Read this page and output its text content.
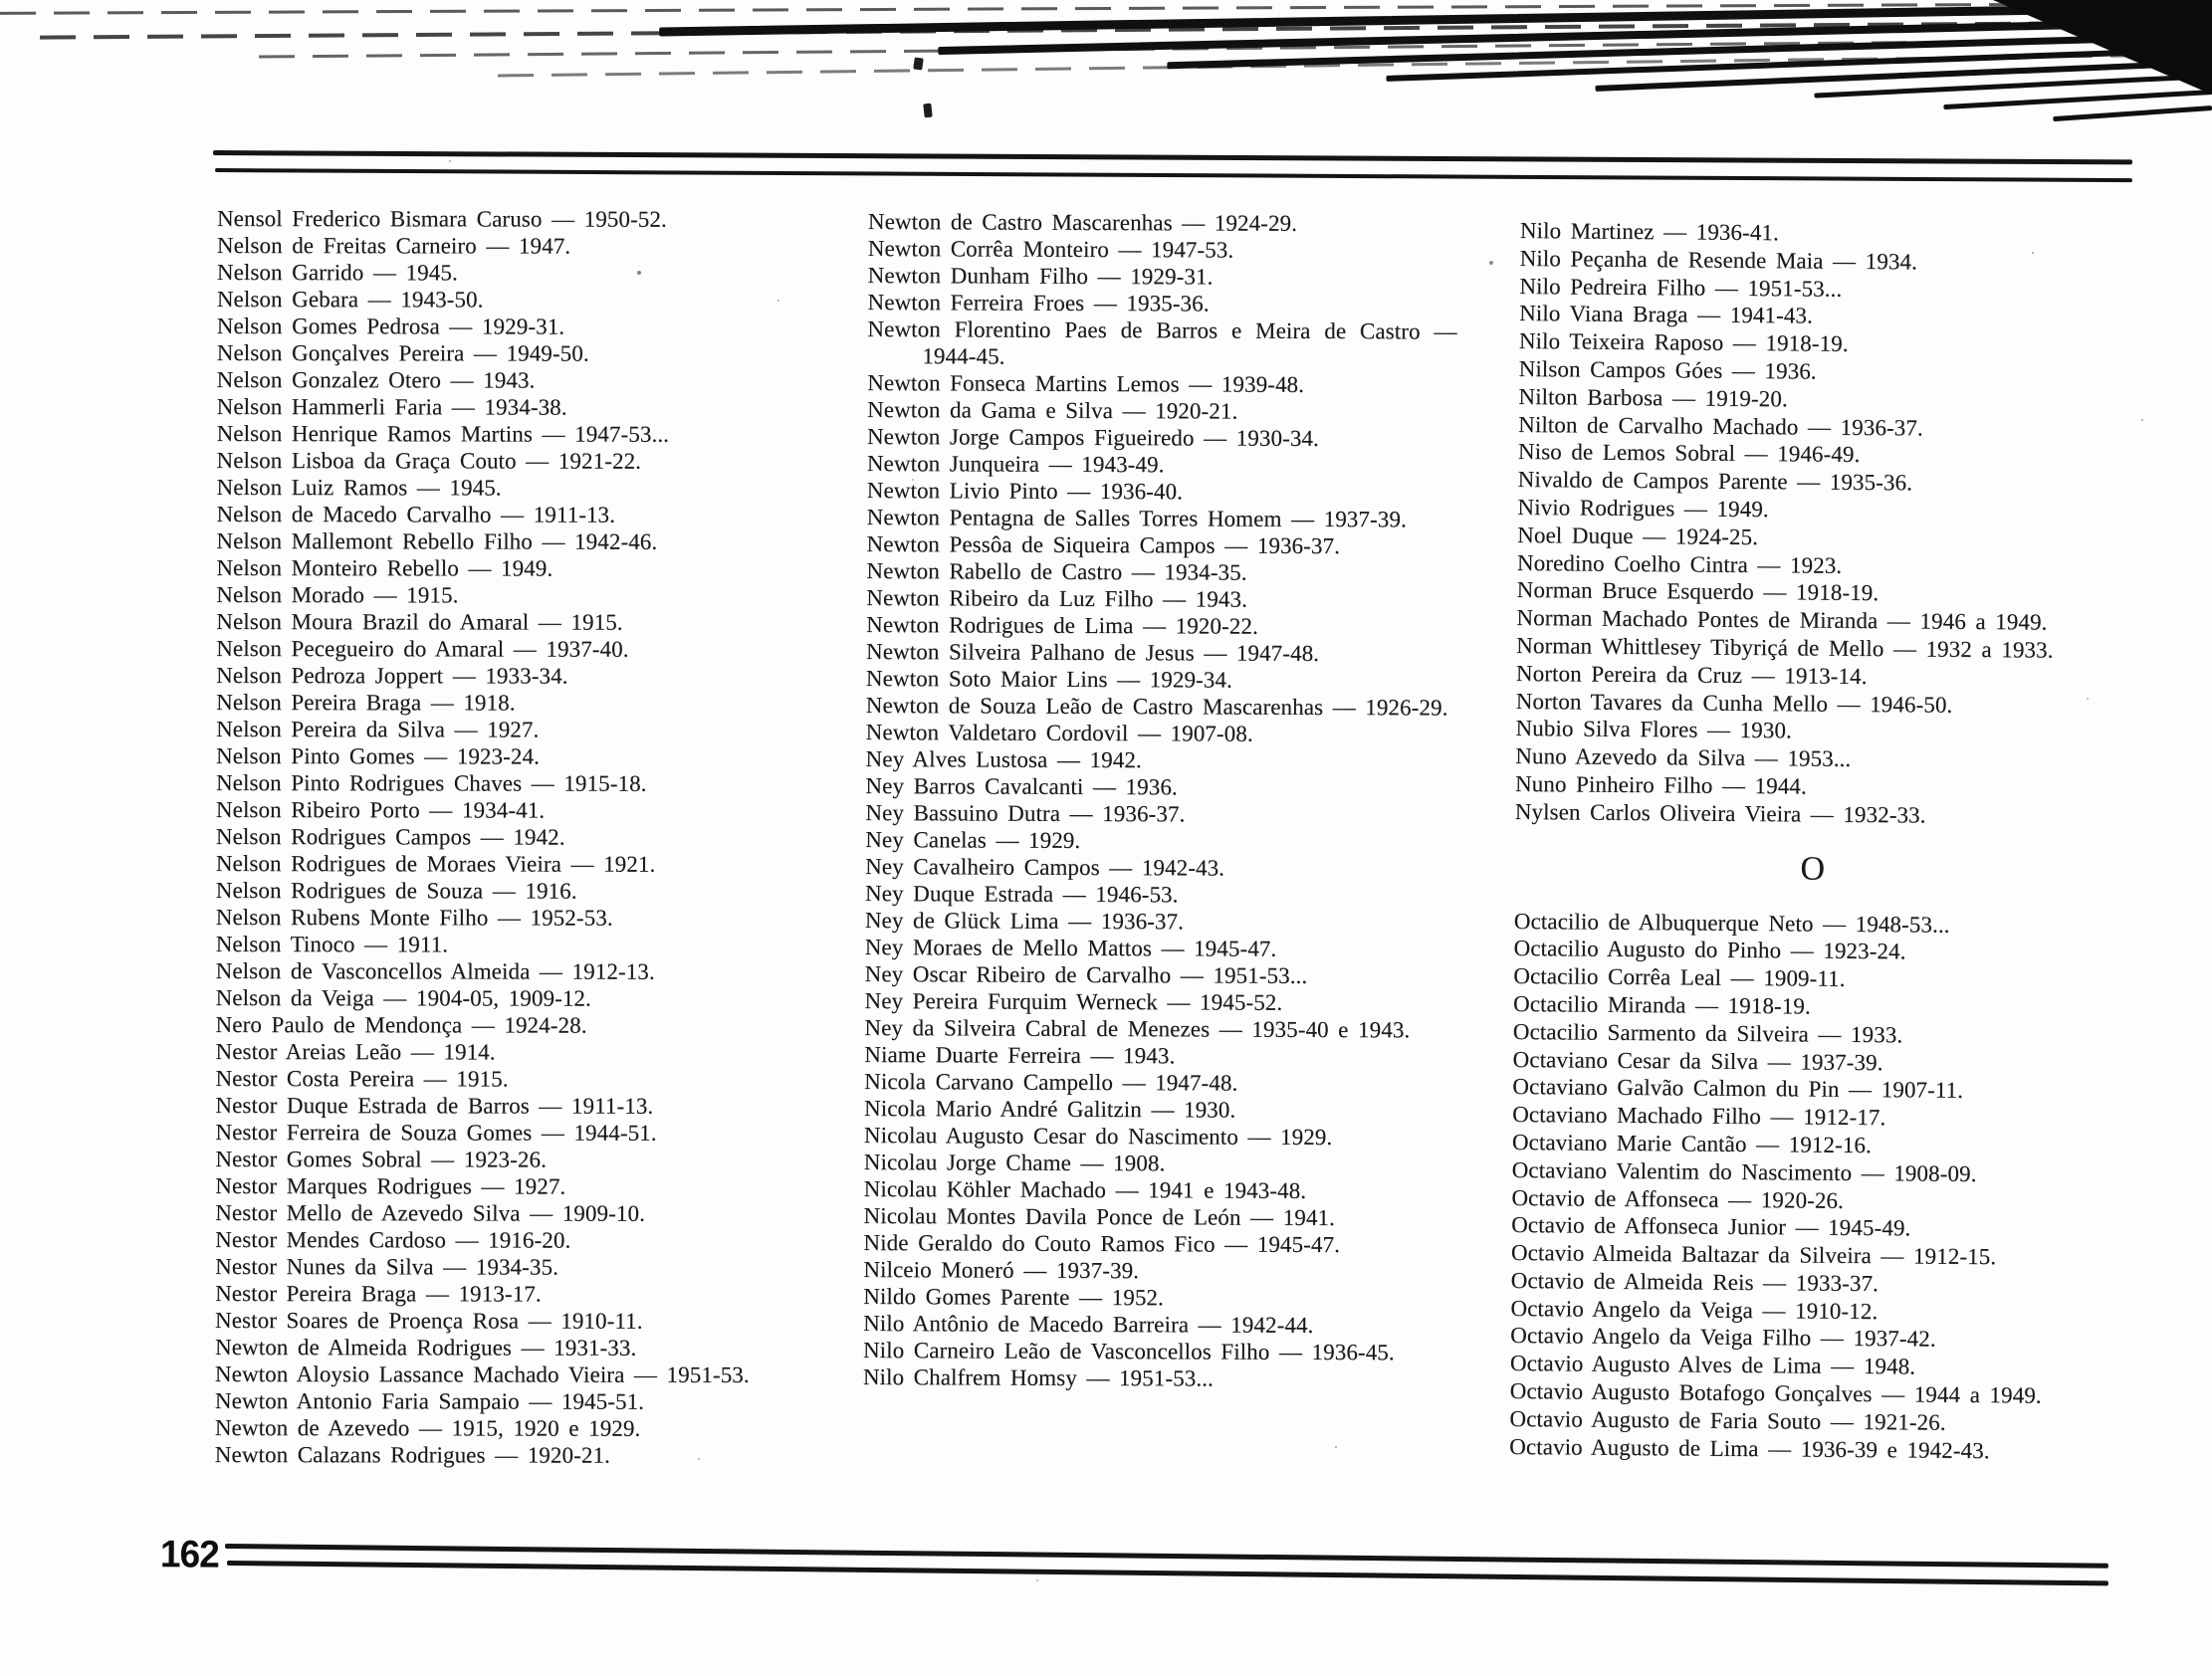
Nensol Frederico Bismara Caruso — 1950-52.
Nelson de Freitas Carneiro — 1947.
Nelson Garrido — 1945.
Nelson Gebara — 1943-50.
Nelson Gomes Pedrosa — 1929-31.
Nelson Gonçalves Pereira — 1949-50.
Nelson Gonzalez Otero — 1943.
Nelson Hammerli Faria — 1934-38.
Nelson Henrique Ramos Martins — 1947-53...
Nelson Lisboa da Graça Couto — 1921-22.
Nelson Luiz Ramos — 1945.
Nelson de Macedo Carvalho — 1911-13.
Nelson Mallemont Rebello Filho — 1942-46.
Nelson Monteiro Rebello — 1949.
Nelson Morado — 1915.
Nelson Moura Brazil do Amaral — 1915.
Nelson Pecegueiro do Amaral — 1937-40.
Nelson Pedroza Joppert — 1933-34.
Nelson Pereira Braga — 1918.
Nelson Pereira da Silva — 1927.
Nelson Pinto Gomes — 1923-24.
Nelson Pinto Rodrigues Chaves — 1915-18.
Nelson Ribeiro Porto — 1934-41.
Nelson Rodrigues Campos — 1942.
Nelson Rodrigues de Moraes Vieira — 1921.
Nelson Rodrigues de Souza — 1916.
Nelson Rubens Monte Filho — 1952-53.
Nelson Tinoco — 1911.
Nelson de Vasconcellos Almeida — 1912-13.
Nelson da Veiga — 1904-05, 1909-12.
Nero Paulo de Mendonça — 1924-28.
Nestor Areias Leão — 1914.
Nestor Costa Pereira — 1915.
Nestor Duque Estrada de Barros — 1911-13.
Nestor Ferreira de Souza Gomes — 1944-51.
Nestor Gomes Sobral — 1923-26.
Nestor Marques Rodrigues — 1927.
Nestor Mello de Azevedo Silva — 1909-10.
Nestor Mendes Cardoso — 1916-20.
Nestor Nunes da Silva — 1934-35.
Nestor Pereira Braga — 1913-17.
Nestor Soares de Proença Rosa — 1910-11.
Newton de Almeida Rodrigues — 1931-33.
Newton Aloysio Lassance Machado Vieira — 1951-53.
Newton Antonio Faria Sampaio — 1945-51.
Newton de Azevedo — 1915, 1920 e 1929.
Newton Calazans Rodrigues — 1920-21.
Newton de Castro Mascarenhas — 1924-29.
Newton Corrêa Monteiro — 1947-53.
Newton Dunham Filho — 1929-31.
Newton Ferreira Froes — 1935-36.
Newton Florentino Paes de Barros e Meira de Castro — 1944-45.
Newton Fonseca Martins Lemos — 1939-48.
Newton da Gama e Silva — 1920-21.
Newton Jorge Campos Figueiredo — 1930-34.
Newton Junqueira — 1943-49.
Newton Livio Pinto — 1936-40.
Newton Pentagna de Salles Torres Homem — 1937-39.
Newton Pessôa de Siqueira Campos — 1936-37.
Newton Rabello de Castro — 1934-35.
Newton Ribeiro da Luz Filho — 1943.
Newton Rodrigues de Lima — 1920-22.
Newton Silveira Palhano de Jesus — 1947-48.
Newton Soto Maior Lins — 1929-34.
Newton de Souza Leão de Castro Mascarenhas — 1926-29.
Newton Valdetaro Cordovil — 1907-08.
Ney Alves Lustosa — 1942.
Ney Barros Cavalcanti — 1936.
Ney Bassuino Dutra — 1936-37.
Ney Canelas — 1929.
Ney Cavalheiro Campos — 1942-43.
Ney Duque Estrada — 1946-53.
Ney de Glück Lima — 1936-37.
Ney Moraes de Mello Mattos — 1945-47.
Ney Oscar Ribeiro de Carvalho — 1951-53...
Ney Pereira Furquim Werneck — 1945-52.
Ney da Silveira Cabral de Menezes — 1935-40 e 1943.
Niame Duarte Ferreira — 1943.
Nicola Carvano Campello — 1947-48.
Nicola Mario André Galitzin — 1930.
Nicolau Augusto Cesar do Nascimento — 1929.
Nicolau Jorge Chame — 1908.
Nicolau Köhler Machado — 1941 e 1943-48.
Nicolau Montes Davila Ponce de León — 1941.
Nide Geraldo do Couto Ramos Fico — 1945-47.
Nilceio Moneró — 1937-39.
Nildo Gomes Parente — 1952.
Nilo Antônio de Macedo Barreira — 1942-44.
Nilo Carneiro Leão de Vasconcellos Filho — 1936-45.
Nilo Chalfrem Homsy — 1951-53...
Nilo Martinez — 1936-41.
Nilo Peçanha de Resende Maia — 1934.
Nilo Pedreira Filho — 1951-53...
Nilo Viana Braga — 1941-43.
Nilo Teixeira Raposo — 1918-19.
Nilson Campos Góes — 1936.
Nilton Barbosa — 1919-20.
Nilton de Carvalho Machado — 1936-37.
Niso de Lemos Sobral — 1946-49.
Nivaldo de Campos Parente — 1935-36.
Nivio Rodrigues — 1949.
Noel Duque — 1924-25.
Noredino Coelho Cintra — 1923.
Norman Bruce Esquerdo — 1918-19.
Norman Machado Pontes de Miranda — 1946 a 1949.
Norman Whittlesey Tibyriçá de Mello — 1932 a 1933.
Norton Pereira da Cruz — 1913-14.
Norton Tavares da Cunha Mello — 1946-50.
Nubio Silva Flores — 1930.
Nuno Azevedo da Silva — 1953...
Nuno Pinheiro Filho — 1944.
Nylsen Carlos Oliveira Vieira — 1932-33.
O
Octacilio de Albuquerque Neto — 1948-53...
Octacilio Augusto do Pinho — 1923-24.
Octacilio Corrêa Leal — 1909-11.
Octacilio Miranda — 1918-19.
Octacilio Sarmento da Silveira — 1933.
Octaviano Cesar da Silva — 1937-39.
Octaviano Galvão Calmon du Pin — 1907-11.
Octaviano Machado Filho — 1912-17.
Octaviano Marie Cantão — 1912-16.
Octaviano Valentim do Nascimento — 1908-09.
Octavio de Affonseca — 1920-26.
Octavio de Affonseca Junior — 1945-49.
Octavio Almeida Baltazar da Silveira — 1912-15.
Octavio de Almeida Reis — 1933-37.
Octavio Angelo da Veiga — 1910-12.
Octavio Angelo da Veiga Filho — 1937-42.
Octavio Augusto Alves de Lima — 1948.
Octavio Augusto Botafogo Gonçalves — 1944 a 1949.
Octavio Augusto de Faria Souto — 1921-26.
Octavio Augusto de Lima — 1936-39 e 1942-43.
162
